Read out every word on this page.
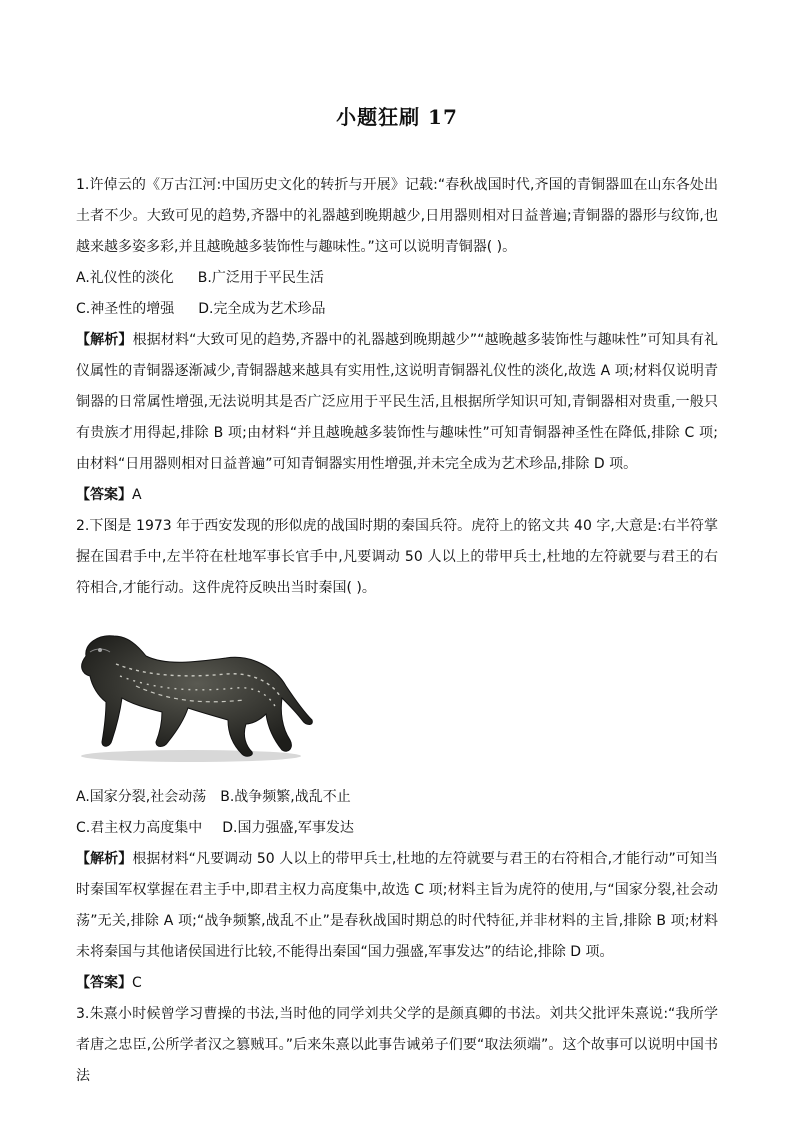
小题狂刷 17

1.许倬云的《万古江河:中国历史文化的转折与开展》记载:“春秋战国时代,齐国的青铜器皿在山东各处出土者不少。大致可见的趋势,齐器中的礼器越到晚期越少,日用器则相对日益普遍;青铜器的器形与纹饰,也越来越多姿多彩,并且越晚越多装饰性与趣味性。”这可以说明青铜器( )。

A.礼仪性的淡化 B.广泛用于平民生活

C.神圣性的增强 D.完全成为艺术珍品

【解析】根据材料“大致可见的趋势,齐器中的礼器越到晚期越少”“越晚越多装饰性与趣味性”可知具有礼仪属性的青铜器逐渐减少,青铜器越来越具有实用性,这说明青铜器礼仪性的淡化,故选 A 项;材料仅说明青铜器的日常属性增强,无法说明其是否广泛应用于平民生活,且根据所学知识可知,青铜器相对贵重,一般只有贵族才用得起,排除 B 项;由材料“并且越晚越多装饰性与趣味性”可知青铜器神圣性在降低,排除 C 项;由材料“日用器则相对日益普遍”可知青铜器实用性增强,并未完全成为艺术珍品,排除 D 项。

【答案】A

2.下图是 1973 年于西安发现的形似虎的战国时期的秦国兵符。虎符上的铭文共 40 字,大意是:右半符掌握在国君手中,左半符在杜地军事长官手中,凡要调动 50 人以上的带甲兵士,杜地的左符就要与君王的右符相合,才能行动。这件虎符反映出当时秦国( )。

A.国家分裂,社会动荡 B.战争频繁,战乱不止

C.君主权力高度集中 D.国力强盛,军事发达

【解析】根据材料“凡要调动 50 人以上的带甲兵士,杜地的左符就要与君王的右符相合,才能行动”可知当时秦国军权掌握在君主手中,即君主权力高度集中,故选 C 项;材料主旨为虎符的使用,与“国家分裂,社会动荡”无关,排除 A 项;“战争频繁,战乱不止”是春秋战国时期总的时代特征,并非材料的主旨,排除 B 项;材料未将秦国与其他诸侯国进行比较,不能得出秦国“国力强盛,军事发达”的结论,排除 D 项。

【答案】C

3.朱熹小时候曾学习曹操的书法,当时他的同学刘共父学的是颜真卿的书法。刘共父批评朱熹说:“我所学者唐之忠臣,公所学者汉之篡贼耳。”后来朱熹以此事告诫弟子们要“取法须端”。这个故事可以说明中国书法
